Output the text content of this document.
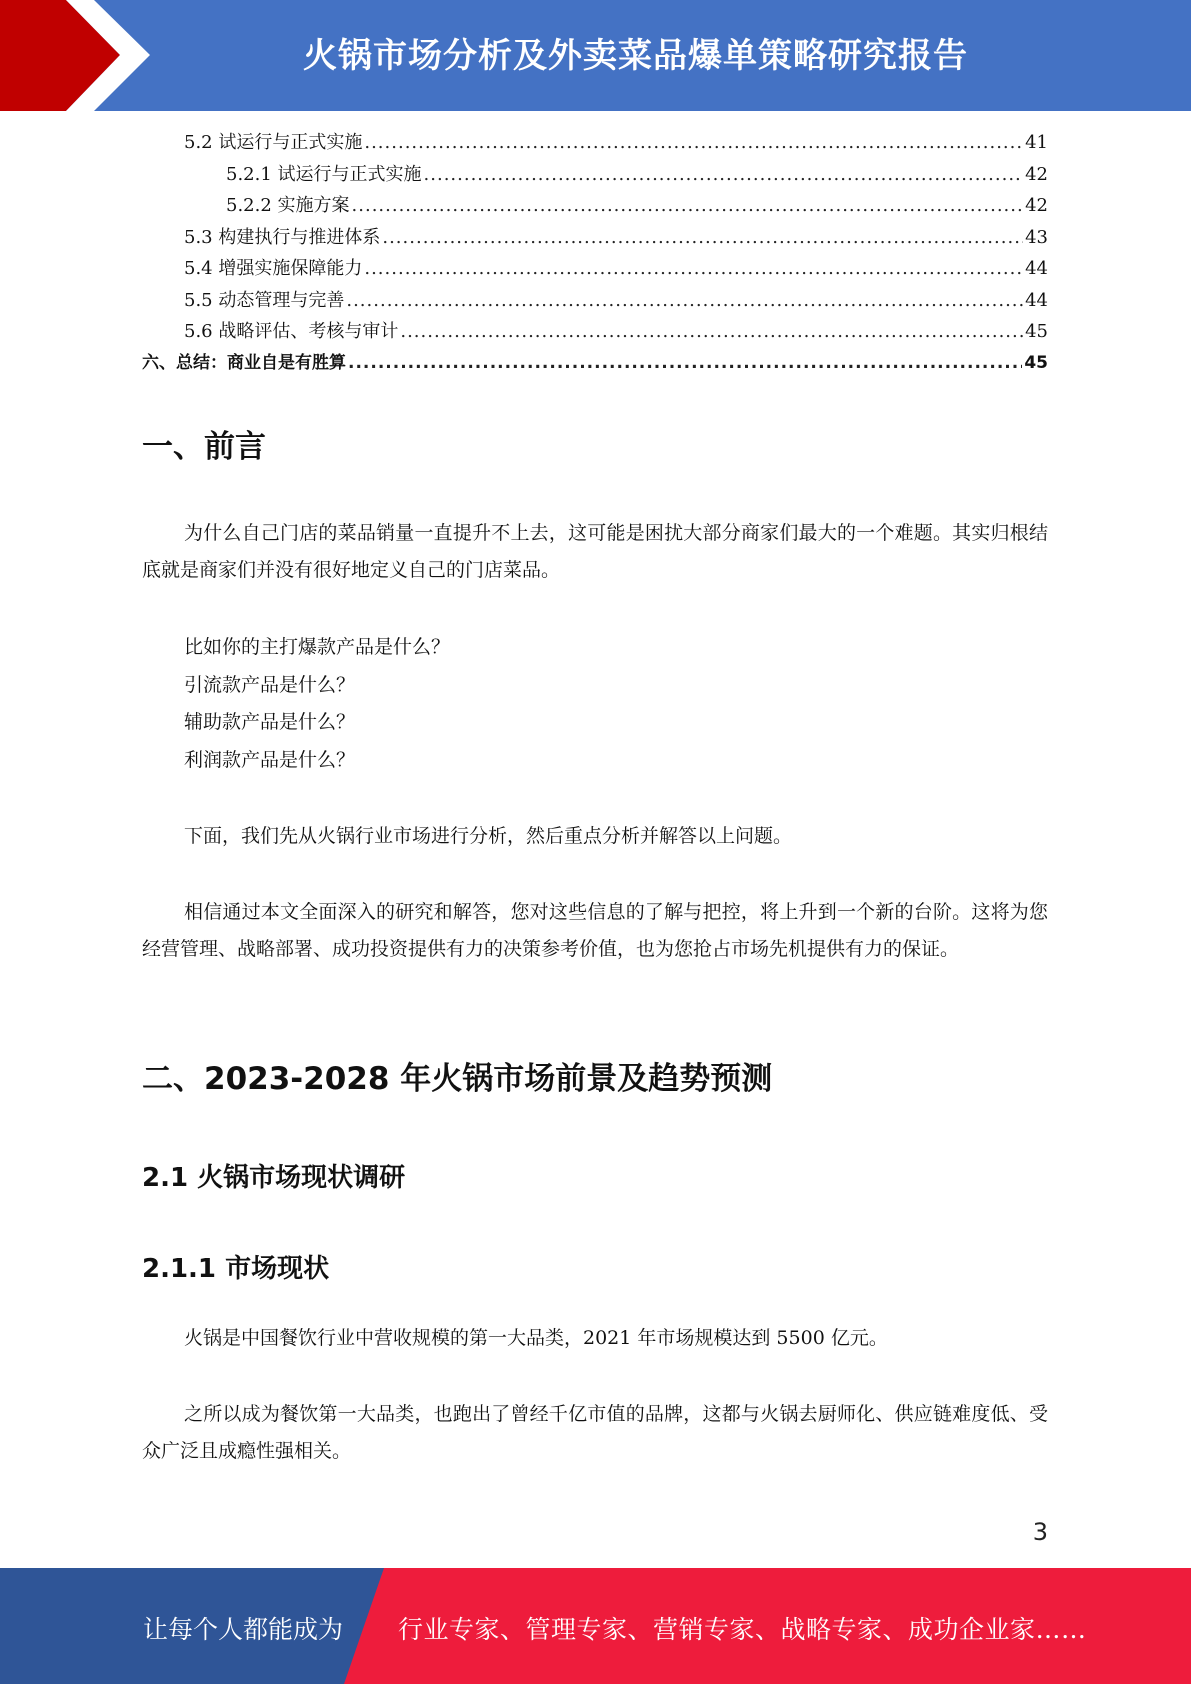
火锅市场分析及外卖菜品爆单策略研究报告
5.2 试运行与正式实施 .....	41
5.2.1 试运行与正式实施 .....	42
5.2.2 实施方案 .....	42
5.3 构建执行与推进体系 .....	43
5.4 增强实施保障能力 .....	44
5.5 动态管理与完善 .....	44
5.6 战略评估、考核与审计 .....	45
六、总结：商业自是有胜算 .....	45
一、前言
为什么自己门店的菜品销量一直提升不上去，这可能是困扰大部分商家们最大的一个难题。其实归根结底就是商家们并没有很好地定义自己的门店菜品。
比如你的主打爆款产品是什么？
引流款产品是什么？
辅助款产品是什么？
利润款产品是什么？
下面，我们先从火锅行业市场进行分析，然后重点分析并解答以上问题。
相信通过本文全面深入的研究和解答，您对这些信息的了解与把控，将上升到一个新的台阶。这将为您经营管理、战略部署、成功投资提供有力的决策参考价值，也为您抢占市场先机提供有力的保证。
二、2023-2028 年火锅市场前景及趋势预测
2.1 火锅市场现状调研
2.1.1 市场现状
火锅是中国餐饮行业中营收规模的第一大品类，2021 年市场规模达到 5500 亿元。
之所以成为餐饮第一大品类，也跑出了曾经千亿市值的品牌，这都与火锅去厨师化、供应链难度低、受众广泛且成瘾性强相关。
3
让每个人都能成为 行业专家、管理专家、营销专家、战略专家、成功企业家……
